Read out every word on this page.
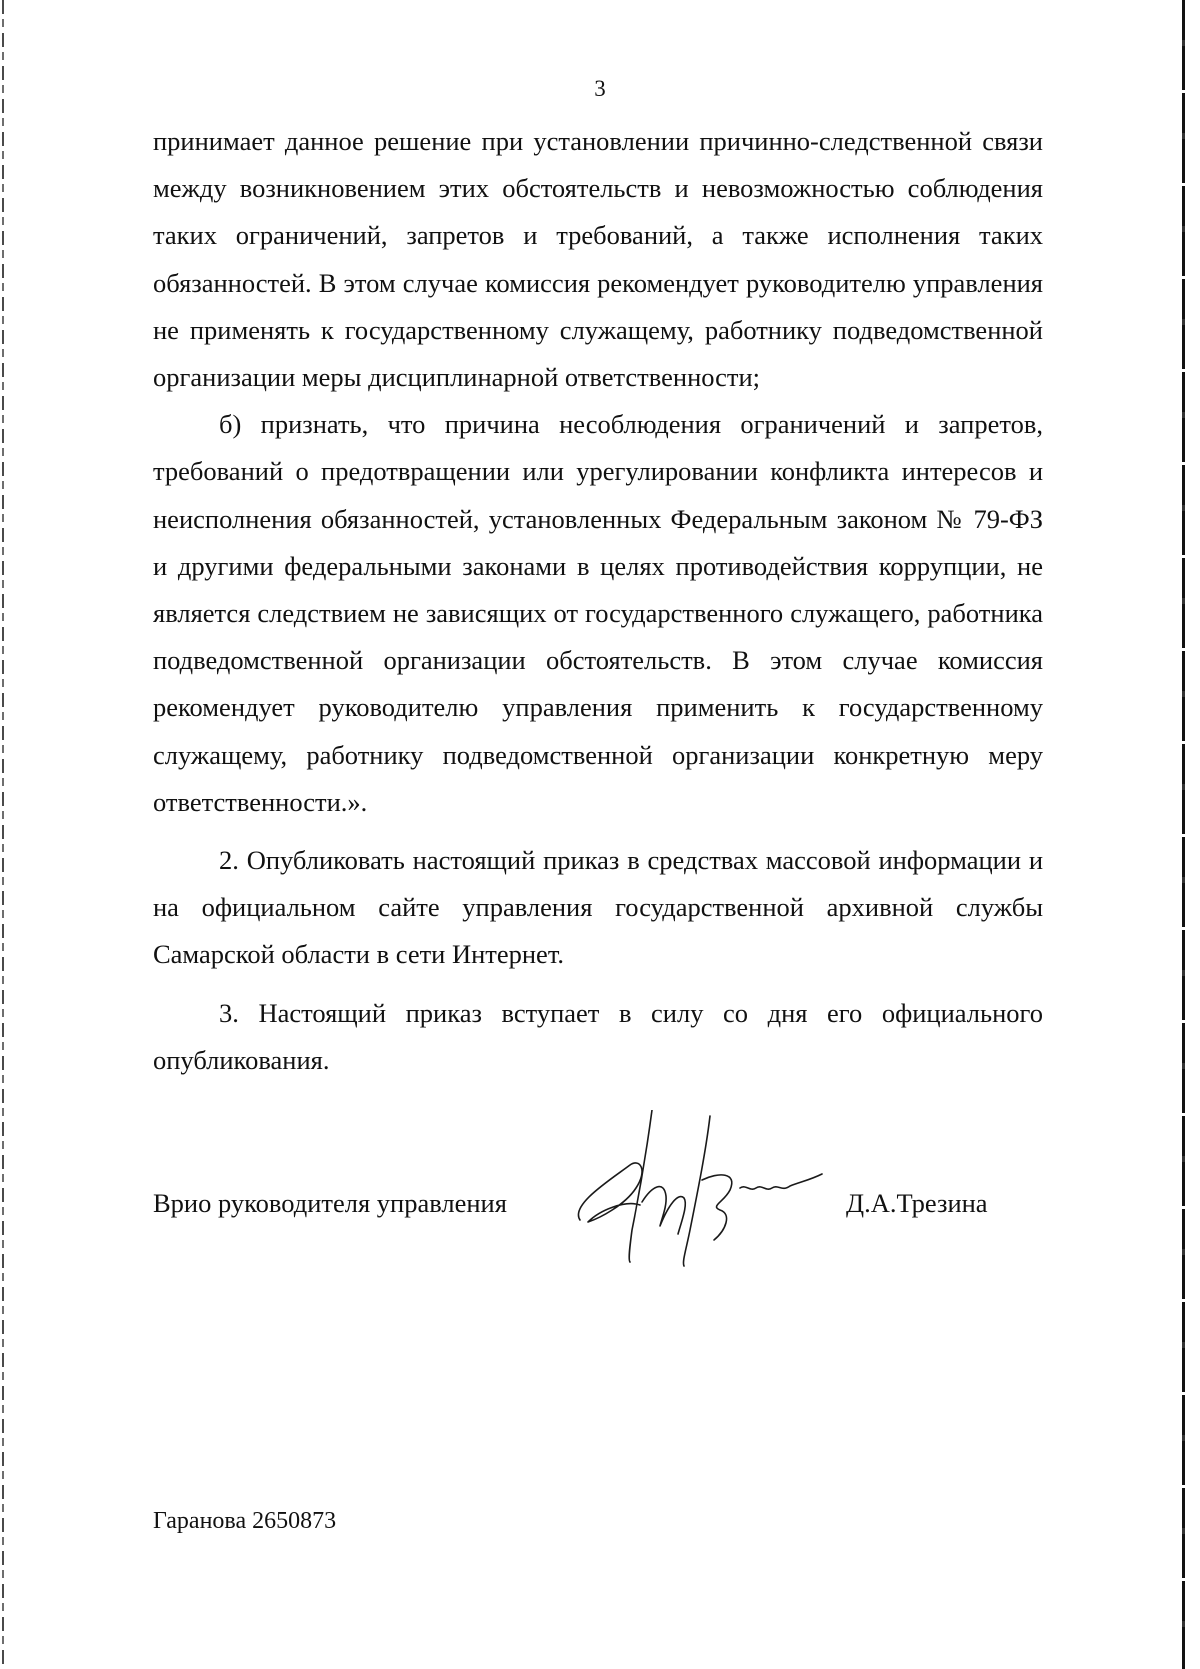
3

принимает данное решение при установлении причинно-следственной связи между возникновением этих обстоятельств и невозможностью соблюдения таких ограничений, запретов и требований, а также исполнения таких обязанностей. В этом случае комиссия рекомендует руководителю управления не применять к государственному служащему, работнику подведомственной организации меры дисциплинарной ответственности;

б) признать, что причина несоблюдения ограничений и запретов, требований о предотвращении или урегулировании конфликта интересов и неисполнения обязанностей, установленных Федеральным законом № 79-ФЗ и другими федеральными законами в целях противодействия коррупции, не является следствием не зависящих от государственного служащего, работника подведомственной организации обстоятельств. В этом случае комиссия рекомендует руководителю управления применить к государственному служащему, работнику подведомственной организации конкретную меру ответственности.».

2. Опубликовать настоящий приказ в средствах массовой информации и на официальном сайте управления государственной архивной службы Самарской области в сети Интернет.

3. Настоящий приказ вступает в силу со дня его официального опубликования.

Врио руководителя управления	Д.А.Трезина
Гаранова 2650873
